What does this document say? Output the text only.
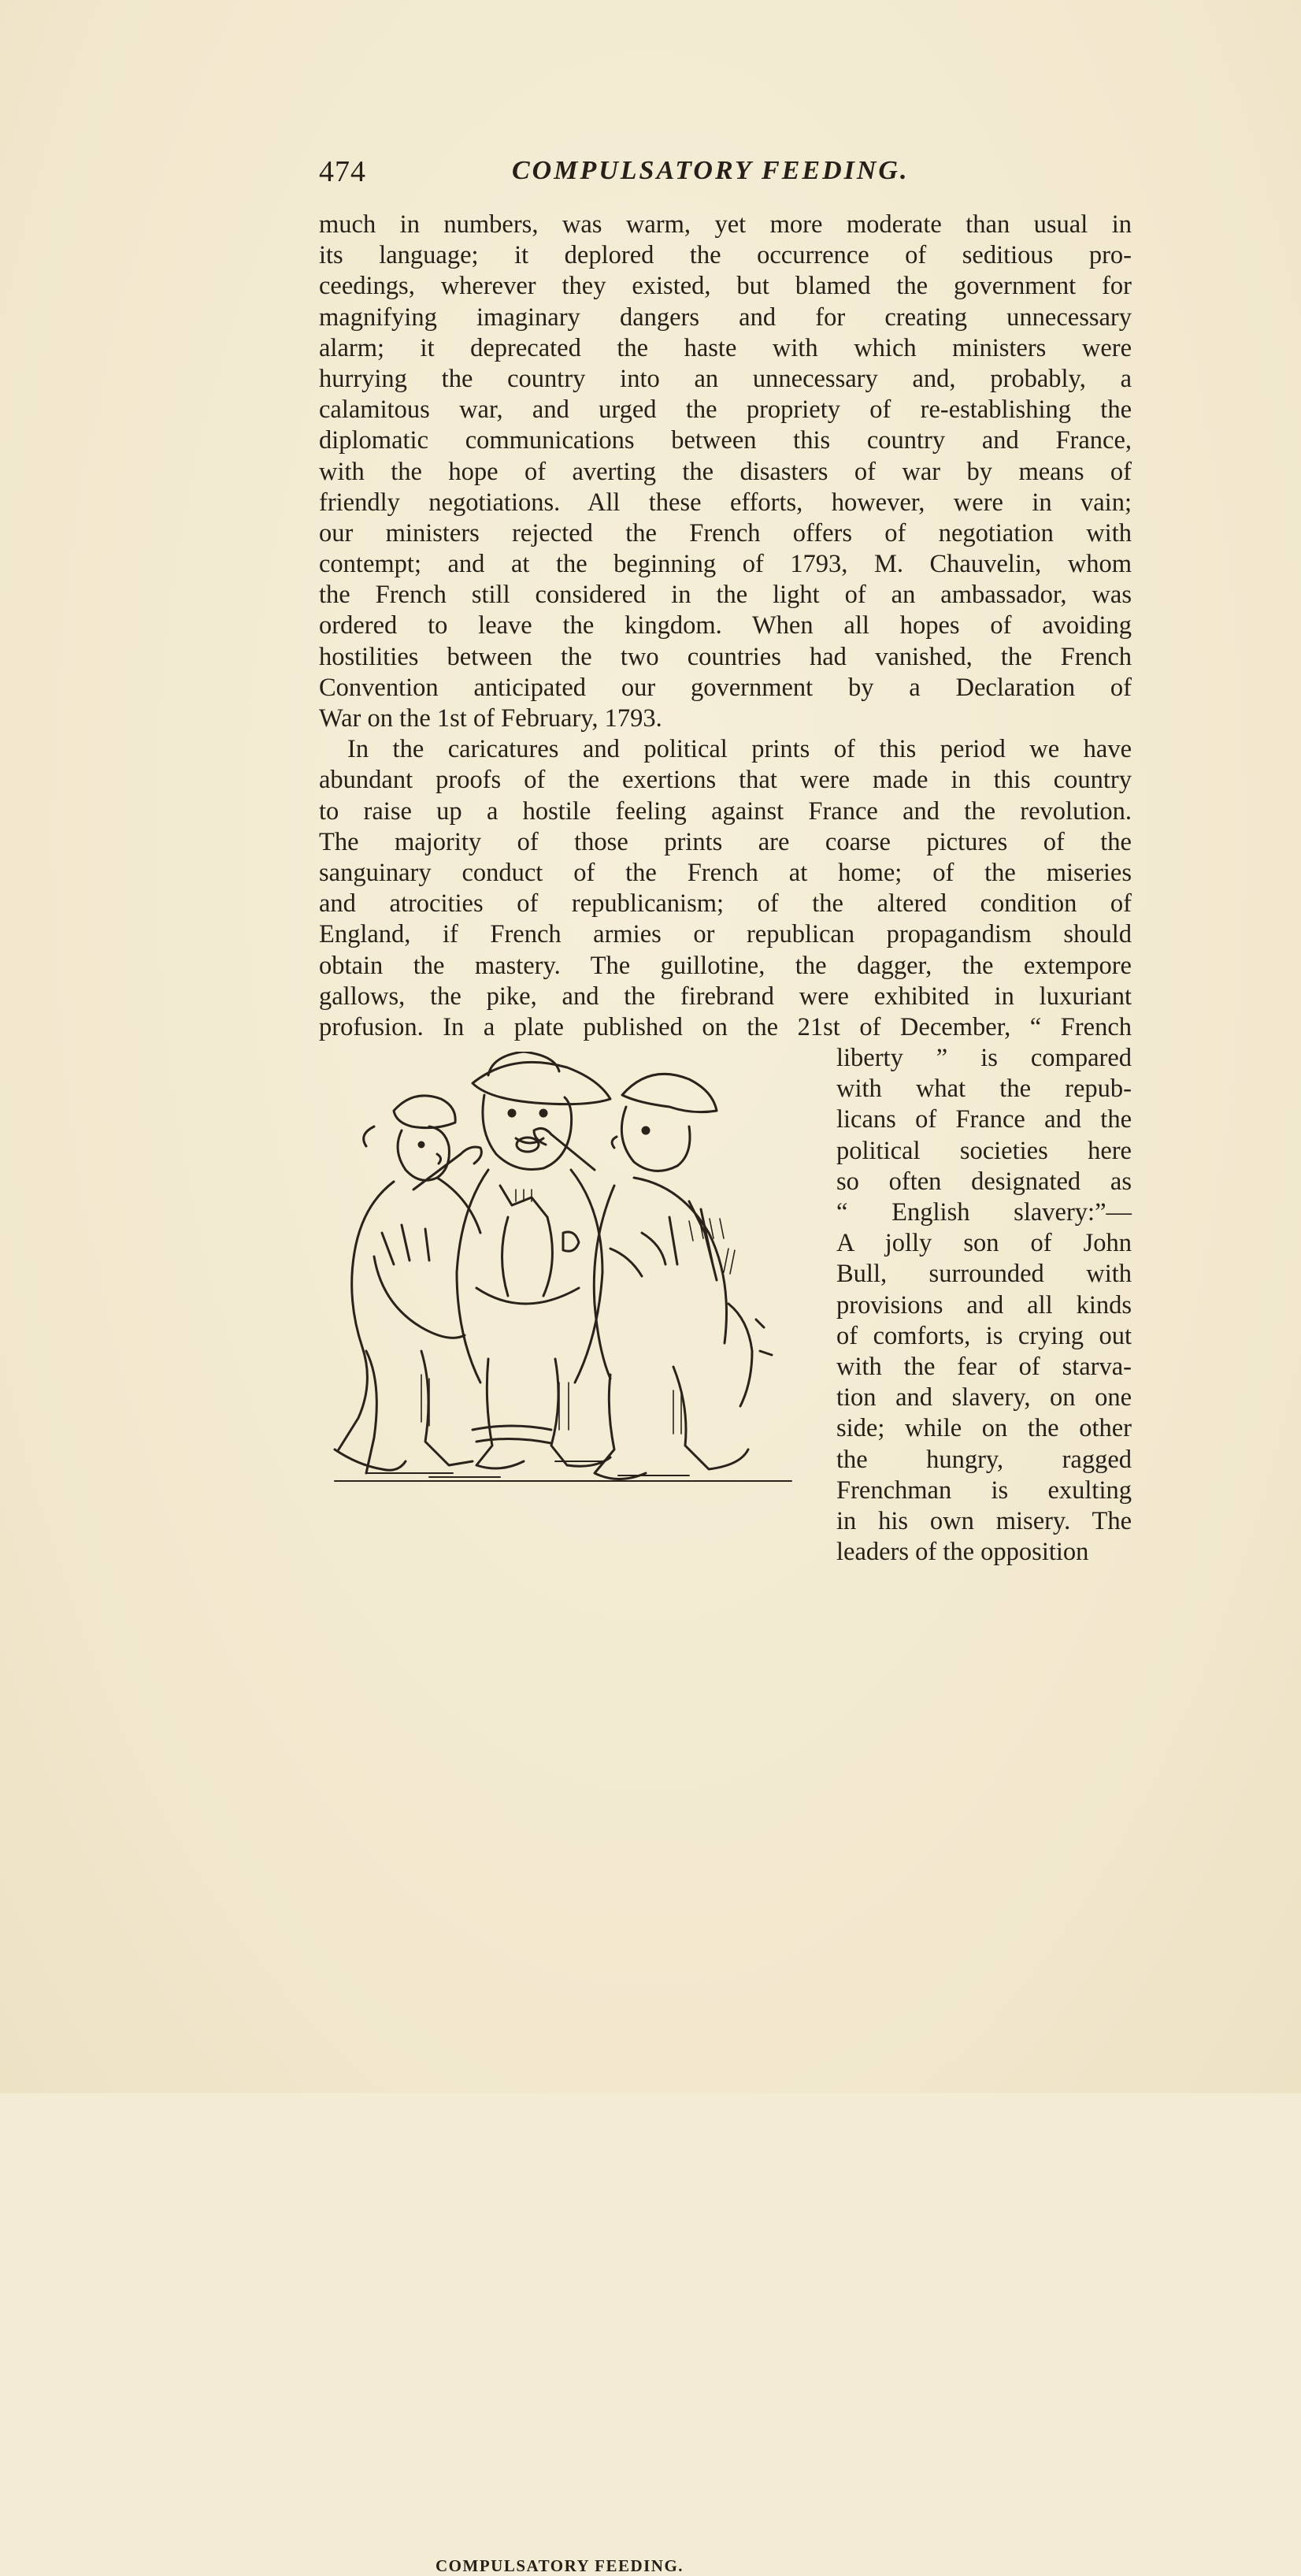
474	COMPULSATORY FEEDING.
much in numbers, was warm, yet more moderate than usual in
its language; it deplored the occurrence of seditious pro-
ceedings, wherever they existed, but blamed the government for
magnifying imaginary dangers and for creating unnecessary
alarm; it deprecated the haste with which ministers were
hurrying the country into an unnecessary and, probably, a
calamitous war, and urged the propriety of re-establishing the
diplomatic communications between this country and France,
with the hope of averting the disasters of war by means of
friendly negotiations. All these efforts, however, were in vain;
our ministers rejected the French offers of negotiation with
contempt; and at the beginning of 1793, M. Chauvelin, whom
the French still considered in the light of an ambassador, was
ordered to leave the kingdom. When all hopes of avoiding
hostilities between the two countries had vanished, the French
Convention anticipated our government by a Declaration of
War on the 1st of February, 1793.
In the caricatures and political prints of this period we have
abundant proofs of the exertions that were made in this country
to raise up a hostile feeling against France and the revolution.
The majority of those prints are coarse pictures of the
sanguinary conduct of the French at home; of the miseries
and atrocities of republicanism; of the altered condition of
England, if French armies or republican propagandism should
obtain the mastery. The guillotine, the dagger, the extempore
gallows, the pike, and the firebrand were exhibited in luxuriant
profusion. In a plate published on the 21st of December, “ French
liberty ” is compared
with what the repub-
licans of France and the
political societies here
so often designated as
“ English slavery:”—
A jolly son of John
Bull, surrounded with
provisions and all kinds
of comforts, is crying out
with the fear of starva-
tion and slavery, on one
side; while on the other
the hungry, ragged
Frenchman is exulting
in his own misery. The
leaders of the opposition
COMPULSATORY FEEDING.
